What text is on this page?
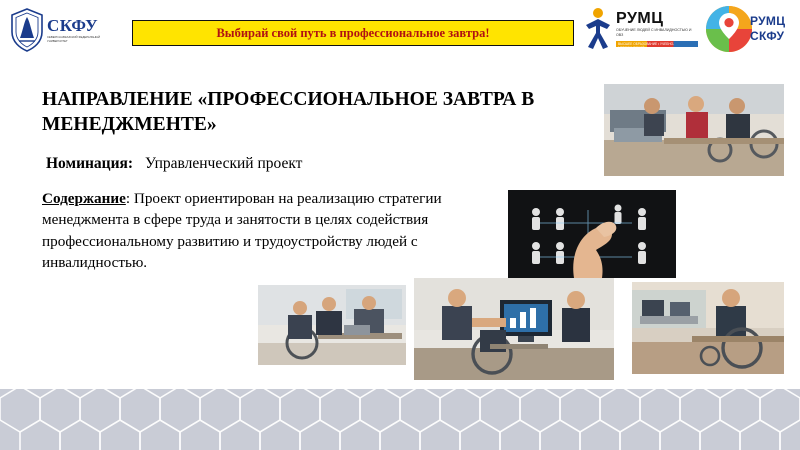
СКФУ
СЕВЕРО-КАВКАЗСКИЙ ФЕДЕРАЛЬНЫЙ УНИВЕРСИТЕТ
Выбирай свой путь в профессиональное завтра!
РУМЦ
ОБУЧЕНИЕ ЛЮДЕЙ С ИНВАЛИДНОСТЬЮ И ОВЗ
ВЫСШЕЕ ОБРАЗОВАНИЕ • УЧЕБНО-МЕТОДИЧЕСКИЙ
РУМЦ
СКФУ
НАПРАВЛЕНИЕ «ПРОФЕССИОНАЛЬНОЕ ЗАВТРА В МЕНЕДЖМЕНТЕ»
Номинация: Управленческий проект
Содержание: Проект ориентирован на реализацию стратегии менеджмента в сфере труда и занятости в целях содействия профессиональному развитию и трудоустройству людей с инвалидностью.
